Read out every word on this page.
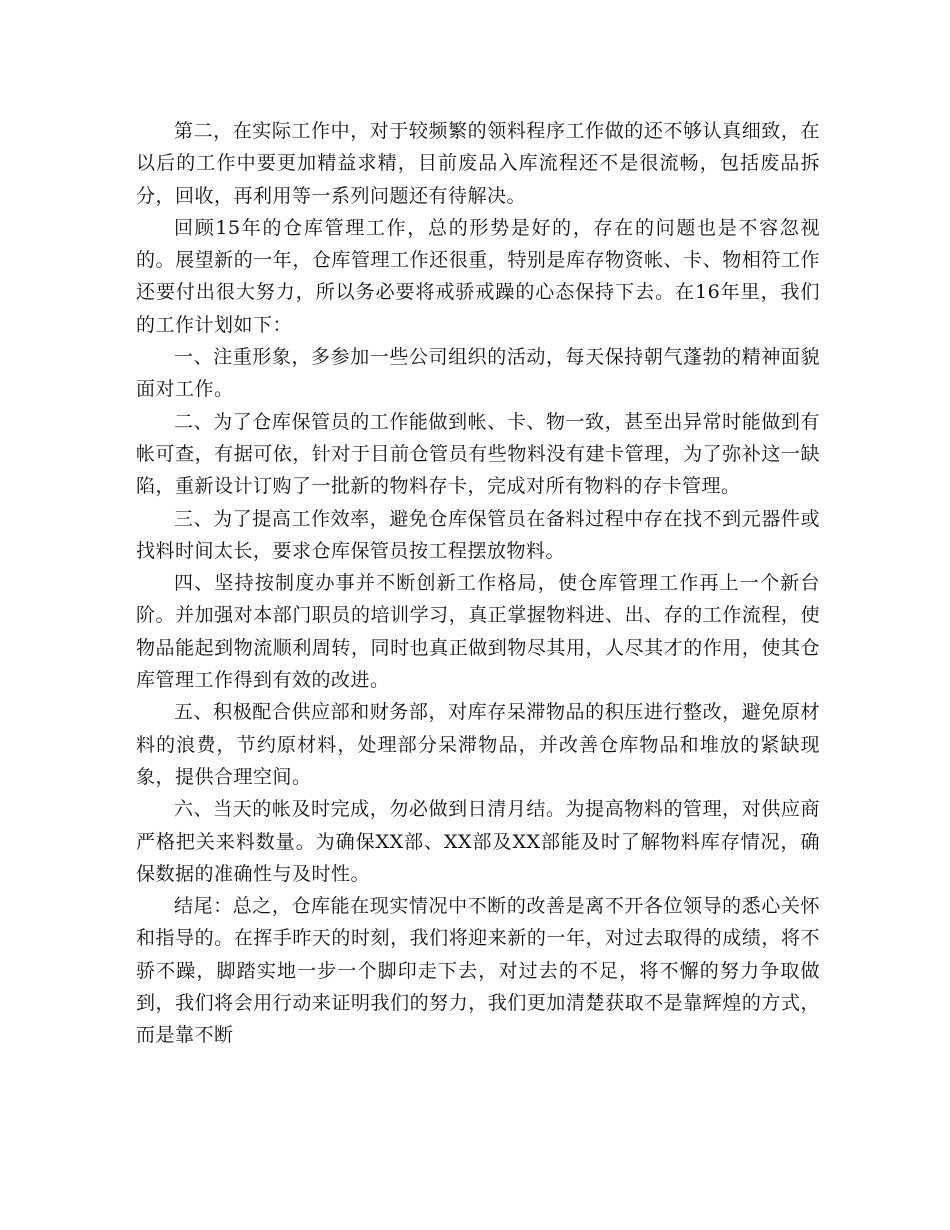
第二，在实际工作中，对于较频繁的领料程序工作做的还不够认真细致，在以后的工作中要更加精益求精，目前废品入库流程还不是很流畅，包括废品拆分，回收，再利用等一系列问题还有待解决。

回顾15年的仓库管理工作，总的形势是好的，存在的问题也是不容忽视的。展望新的一年，仓库管理工作还很重，特别是库存物资帐、卡、物相符工作还要付出很大努力，所以务必要将戒骄戒躁的心态保持下去。在16年里，我们的工作计划如下：

一、注重形象，多参加一些公司组织的活动，每天保持朝气蓬勃的精神面貌面对工作。

二、为了仓库保管员的工作能做到帐、卡、物一致，甚至出异常时能做到有帐可查，有据可依，针对于目前仓管员有些物料没有建卡管理，为了弥补这一缺陷，重新设计订购了一批新的物料存卡，完成对所有物料的存卡管理。

三、为了提高工作效率，避免仓库保管员在备料过程中存在找不到元器件或找料时间太长，要求仓库保管员按工程摆放物料。

四、坚持按制度办事并不断创新工作格局，使仓库管理工作再上一个新台阶。并加强对本部门职员的培训学习，真正掌握物料进、出、存的工作流程，使物品能起到物流顺利周转，同时也真正做到物尽其用，人尽其才的作用，使其仓库管理工作得到有效的改进。

五、积极配合供应部和财务部，对库存呆滞物品的积压进行整改，避免原材料的浪费，节约原材料，处理部分呆滞物品，并改善仓库物品和堆放的紧缺现象，提供合理空间。

六、当天的帐及时完成，勿必做到日清月结。为提高物料的管理，对供应商严格把关来料数量。为确保XX部、XX部及XX部能及时了解物料库存情况，确保数据的准确性与及时性。

结尾：总之，仓库能在现实情况中不断的改善是离不开各位领导的悉心关怀和指导的。在挥手昨天的时刻，我们将迎来新的一年，对过去取得的成绩，将不骄不躁，脚踏实地一步一个脚印走下去，对过去的不足，将不懈的努力争取做到，我们将会用行动来证明我们的努力，我们更加清楚获取不是靠辉煌的方式，而是靠不断
